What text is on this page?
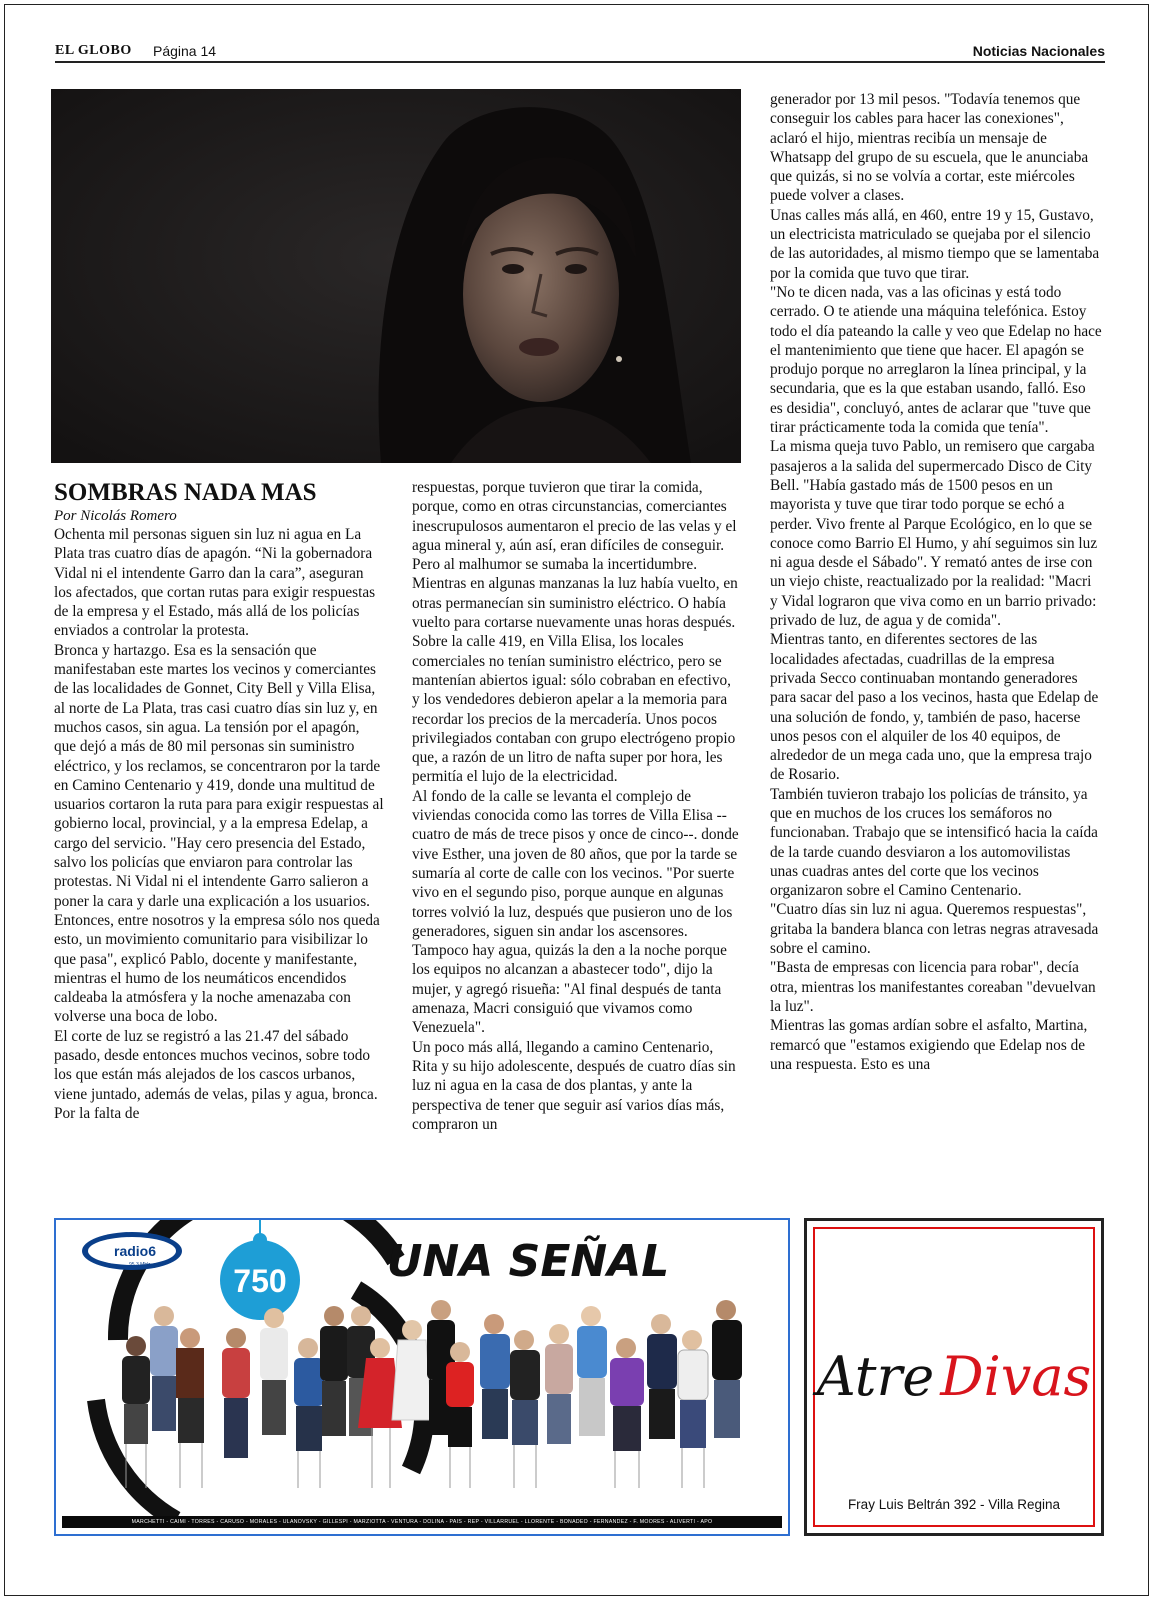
EL GLOBO Página 14	Noticias Nacionales
SOMBRAS NADA MAS

Por Nicolás Romero

Ochenta mil personas siguen sin luz ni agua en La Plata tras cuatro días de apagón. “Ni la gobernadora Vidal ni el intendente Garro dan la cara”, aseguran los afectados, que cortan rutas para exigir respuestas de la empresa y el Estado, más allá de los policías enviados a controlar la protesta.

Bronca y hartazgo. Esa es la sensación que manifestaban este martes los vecinos y comerciantes de las localidades de Gonnet, City Bell y Villa Elisa, al norte de La Plata, tras casi cuatro días sin luz y, en muchos casos, sin agua. La tensión por el apagón, que dejó a más de 80 mil personas sin suministro eléctrico, y los reclamos, se concentraron por la tarde en Camino Centenario y 419, donde una multitud de usuarios cortaron la ruta para para exigir respuestas al gobierno local, provincial, y a la empresa Edelap, a cargo del servicio. "Hay cero presencia del Estado, salvo los policías que enviaron para controlar las protestas. Ni Vidal ni el intendente Garro salieron a poner la cara y darle una explicación a los usuarios. Entonces, entre nosotros y la empresa sólo nos queda esto, un movimiento comunitario para visibilizar lo que pasa", explicó Pablo, docente y manifestante, mientras el humo de los neumáticos encendidos caldeaba la atmósfera y la noche amenazaba con volverse una boca de lobo.

El corte de luz se registró a las 21.47 del sábado pasado, desde entonces muchos vecinos, sobre todo los que están más alejados de los cascos urbanos, viene juntado, además de velas, pilas y agua, bronca. Por la falta de

respuestas, porque tuvieron que tirar la comida, porque, como en otras circunstancias, comerciantes inescrupulosos aumentaron el precio de las velas y el agua mineral y, aún así, eran difíciles de conseguir.

Pero al malhumor se sumaba la incertidumbre. Mientras en algunas manzanas la luz había vuelto, en otras permanecían sin suministro eléctrico. O había vuelto para cortarse nuevamente unas horas después.

Sobre la calle 419, en Villa Elisa, los locales comerciales no tenían suministro eléctrico, pero se mantenían abiertos igual: sólo cobraban en efectivo, y los vendedores debieron apelar a la memoria para recordar los precios de la mercadería. Unos pocos privilegiados contaban con grupo electrógeno propio que, a razón de un litro de nafta super por hora, les permitía el lujo de la electricidad.

Al fondo de la calle se levanta el complejo de viviendas conocida como las torres de Villa Elisa --cuatro de más de trece pisos y once de cinco--. donde vive Esther, una joven de 80 años, que por la tarde se sumaría al corte de calle con los vecinos. "Por suerte vivo en el segundo piso, porque aunque en algunas torres volvió la luz, después que pusieron uno de los generadores, siguen sin andar los ascensores. Tampoco hay agua, quizás la den a la noche porque los equipos no alcanzan a abastecer todo", dijo la mujer, y agregó risueña: "Al final después de tanta amenaza, Macri consiguió que vivamos como Venezuela".

Un poco más allá, llegando a camino Centenario, Rita y su hijo adolescente, después de cuatro días sin luz ni agua en la casa de dos plantas, y ante la perspectiva de tener que seguir así varios días más, compraron un

generador por 13 mil pesos. "Todavía tenemos que conseguir los cables para hacer las conexiones", aclaró el hijo, mientras recibía un mensaje de Whatsapp del grupo de su escuela, que le anunciaba que quizás, si no se volvía a cortar, este miércoles puede volver a clases.

Unas calles más allá, en 460, entre 19 y 15, Gustavo, un electricista matriculado se quejaba por el silencio de las autoridades, al mismo tiempo que se lamentaba por la comida que tuvo que tirar.

"No te dicen nada, vas a las oficinas y está todo cerrado. O te atiende una máquina telefónica. Estoy todo el día pateando la calle y veo que Edelap no hace el mantenimiento que tiene que hacer. El apagón se produjo porque no arreglaron la línea principal, y la secundaria, que es la que estaban usando, falló. Eso es desidia", concluyó, antes de aclarar que "tuve que tirar prácticamente toda la comida que tenía".

La misma queja tuvo Pablo, un remisero que cargaba pasajeros a la salida del supermercado Disco de City Bell. "Había gastado más de 1500 pesos en un mayorista y tuve que tirar todo porque se echó a perder. Vivo frente al Parque Ecológico, en lo que se conoce como Barrio El Humo, y ahí seguimos sin luz ni agua desde el Sábado". Y remató antes de irse con un viejo chiste, reactualizado por la realidad: "Macri y Vidal lograron que viva como en un barrio privado: privado de luz, de agua y de comida".

Mientras tanto, en diferentes sectores de las localidades afectadas, cuadrillas de la empresa privada Secco continuaban montando generadores para sacar del paso a los vecinos, hasta que Edelap de una solución de fondo, y, también de paso, hacerse unos pesos con el alquiler de los 40 equipos, de alrededor de un mega cada uno, que la empresa trajo de Rosario.

También tuvieron trabajo los policías de tránsito, ya que en muchos de los cruces los semáforos no funcionaban. Trabajo que se intensificó hacia la caída de la tarde cuando desviaron a los automovilistas unas cuadras antes del corte que los vecinos organizaron sobre el Camino Centenario.

"Cuatro días sin luz ni agua. Queremos respuestas", gritaba la bandera blanca con letras negras atravesada sobre el camino.

"Basta de empresas con licencia para robar", decía otra, mientras los manifestantes coreaban "devuelvan la luz".

Mientras las gomas ardían sobre el asfalto, Martina, remarcó que "estamos exigiendo que Edelap nos de una respuesta. Esto es una

radio6
95.3 MHz	750 UNA SEÑAL
MARCHETTI - CAIMI - TORRES - CARUSO - MORALES - ULANOVSKY - GILLESPI - MARZIOTTA - VENTURA - DOLINA - PAIS - REP - VILLARRUEL - LLORENTE - BONADEO - FERNANDEZ - F. MOORES - ALIVERTI - APO
Atre Divas
Fray Luis Beltrán 392 - Villa Regina
